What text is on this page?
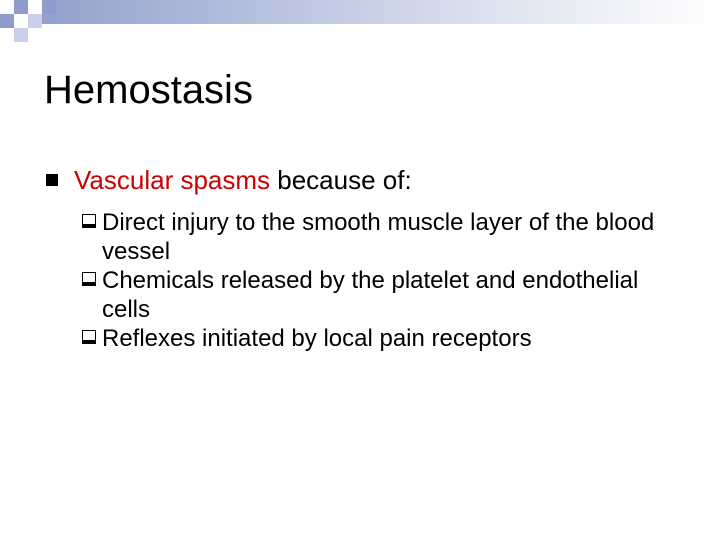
Hemostasis
Vascular spasms because of:
Direct injury to the smooth muscle layer of the blood vessel
Chemicals released by the platelet and endothelial cells
Reflexes initiated by local pain receptors
